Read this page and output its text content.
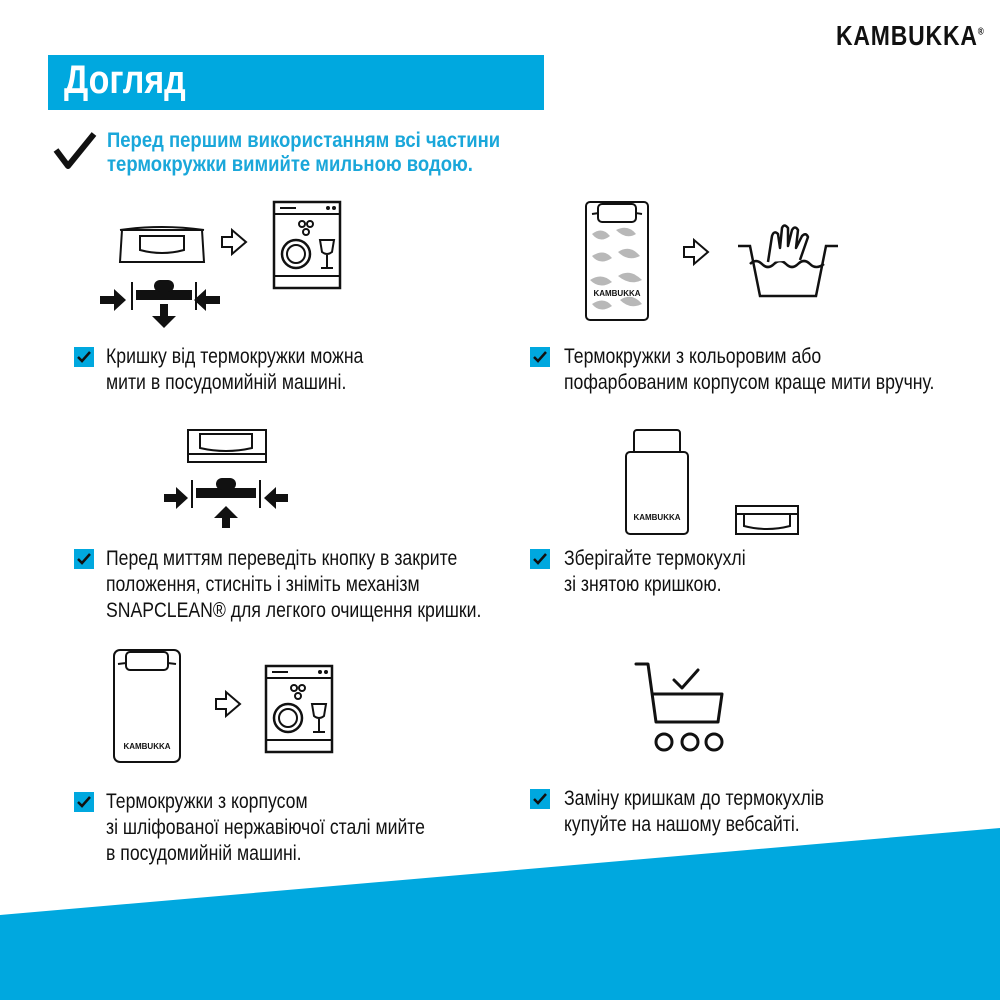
KAMBUKKA®
Догляд
Перед першим використанням всі частини
термокружки вимийте мильною водою.
KAMBUKKA
KAMBUKKA
KAMBUKKA
Кришку від термокружки можна
мити в посудомийній машині.
Термокружки з кольоровим або
пофарбованим корпусом краще мити вручну.
Перед миттям переведіть кнопку в закрите
положення, стисніть і зніміть механізм
SNAPCLEAN® для легкого очищення кришки.
Зберігайте термокухлі
зі знятою кришкою.
Термокружки з корпусом
зі шліфованої нержавіючої сталі мийте
в посудомийній машині.
Заміну кришкам до термокухлів
купуйте на нашому вебсайті.
